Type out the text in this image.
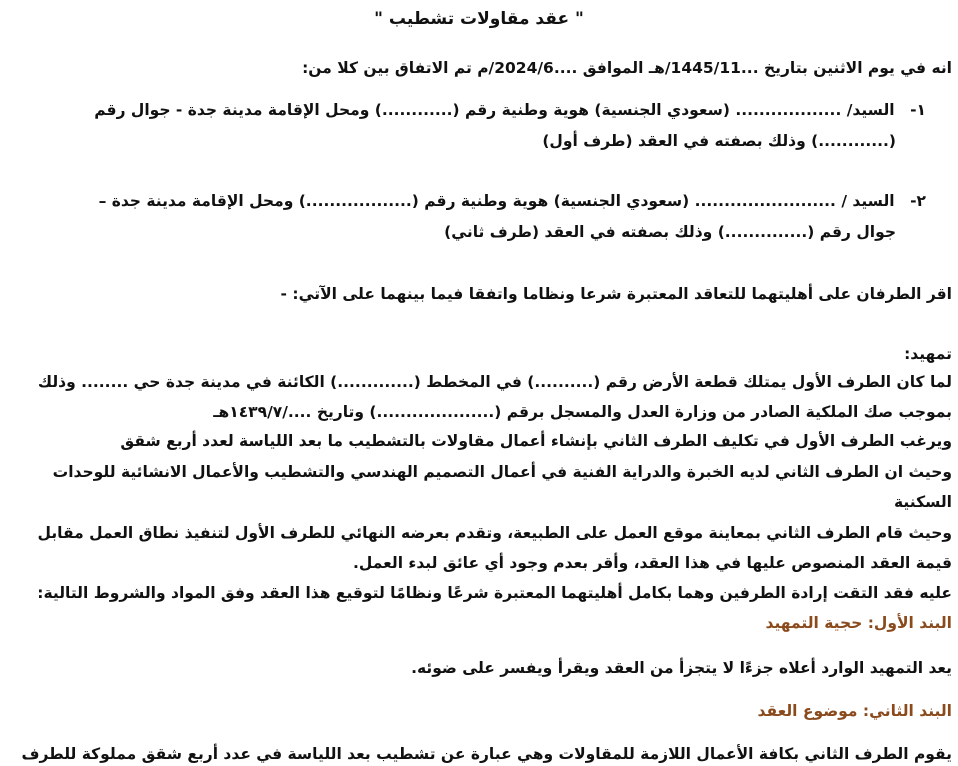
" عقد مقاولات تشطيب "
انه في يوم الاثنين بتاريخ ...1445/11/هـ الموافق ....2024/6/م تم الاتفاق بين كلا من:
١- السيد/ .................. (سعودي الجنسية) هوية وطنية رقم (............) ومحل الإقامة مدينة جدة - جوال رقم
(............) وذلك بصفته في العقد (طرف أول)
٢- السيد / ........................ (سعودي الجنسية) هوية وطنية رقم (..................) ومحل الإقامة مدينة جدة –
جوال رقم (..............) وذلك بصفته في العقد (طرف ثاني)
اقر الطرفان على أهليتهما للتعاقد المعتبرة شرعا ونظاما واتفقا فيما بينهما على الآتي: -
تمهيد:
لما كان الطرف الأول يمتلك قطعة الأرض رقم (..........) في المخطط (.............) الكائنة في مدينة جدة حي ........ وذلك
بموجب صك الملكية الصادر من وزارة العدل والمسجل برقم (....................) وتاريخ ..../١٤٣٩/٧هـ
ويرغب الطرف الأول في تكليف الطرف الثاني بإنشاء أعمال مقاولات بالتشطيب ما بعد اللياسة لعدد أربع شقق
وحيث ان الطرف الثاني لديه الخبرة والدراية الفنية في أعمال التصميم الهندسي والتشطيب والأعمال الانشائية للوحدات
السكنية
وحيث قام الطرف الثاني بمعاينة موقع العمل على الطبيعة، وتقدم بعرضه النهائي للطرف الأول لتنفيذ نطاق العمل مقابل
قيمة العقد المنصوص عليها في هذا العقد، وأقر بعدم وجود أي عائق لبدء العمل.
عليه فقد التقت إرادة الطرفين وهما بكامل أهليتهما المعتبرة شرعًا ونظامًا لتوقيع هذا العقد وفق المواد والشروط التالية:
البند الأول: حجية التمهيد
يعد التمهيد الوارد أعلاه جزءًا لا يتجزأ من العقد ويقرأ ويفسر على ضوئه.
البند الثاني: موضوع العقد
يقوم الطرف الثاني بكافة الأعمال اللازمة للمقاولات وهي عبارة عن تشطيب بعد اللياسة في عدد أربع شقق مملوكة للطرف
